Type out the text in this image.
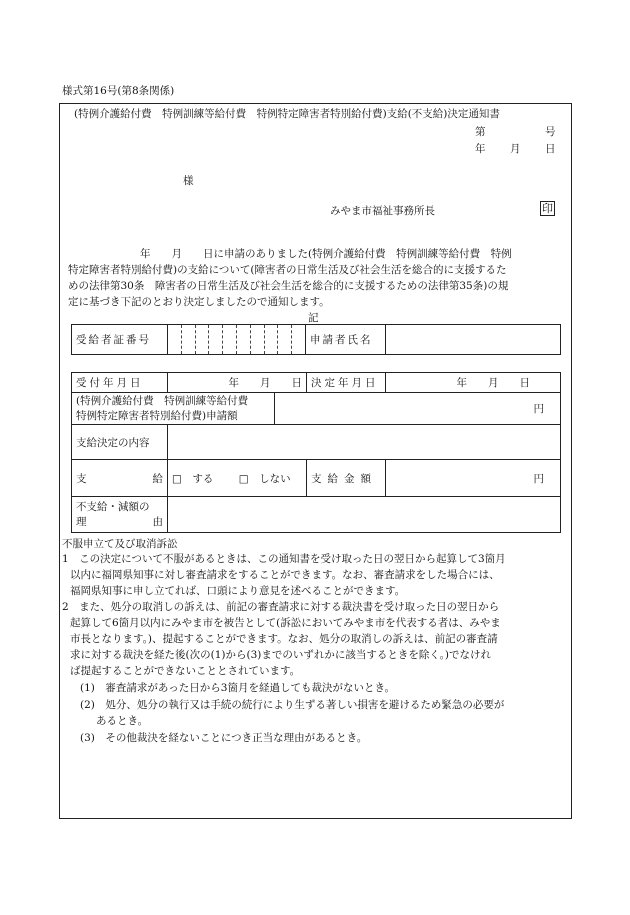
様式第16号(第8条関係)
(特例介護給付費　特例訓練等給付費　特例特定障害者特別給付費)支給(不支給)決定通知書
第	号
年 月 日
様
みやま市福祉事務所長	印
年　　月　　日に申請のありました(特例介護給付費　特例訓練等給付費　特例
特定障害者特別給付費)の支給について(障害者の日常生活及び社会生活を総合的に支援するた
めの法律第30条　障害者の日常生活及び社会生活を総合的に支援するための法律第35条)の規
定に基づき下記のとおり決定しましたので通知します。
記
受給者証番号		申請者氏名

受付年月日	年　　月　　日		決定年月日	年　　月　　日

(特例介護給付費　特例訓練等給付費
特例特定障害者特別給付費)申請額		円		
支給決定の内容				

支 給	□　する □　しない		支給金額	円

不支給・減額の
理 由				

不服申立て及び取消訴訟
1　この決定について不服があるときは、この通知書を受け取った日の翌日から起算して3箇月
以内に福岡県知事に対し審査請求をすることができます。なお、審査請求をした場合には、
福岡県知事に申し立てれば、口頭により意見を述べることができます。
2　また、処分の取消しの訴えは、前記の審査請求に対する裁決書を受け取った日の翌日から
起算して6箇月以内にみやま市を被告として(訴訟においてみやま市を代表する者は、みやま
市長となります。)、提起することができます。なお、処分の取消しの訴えは、前記の審査請
求に対する裁決を経た後(次の(1)から(3)までのいずれかに該当するときを除く。)でなけれ
ば提起することができないこととされています。
(1)　審査請求があった日から3箇月を経過しても裁決がないとき。
(2)　処分、処分の執行又は手続の続行により生ずる著しい損害を避けるため緊急の必要が
あるとき。
(3)　その他裁決を経ないことにつき正当な理由があるとき。
